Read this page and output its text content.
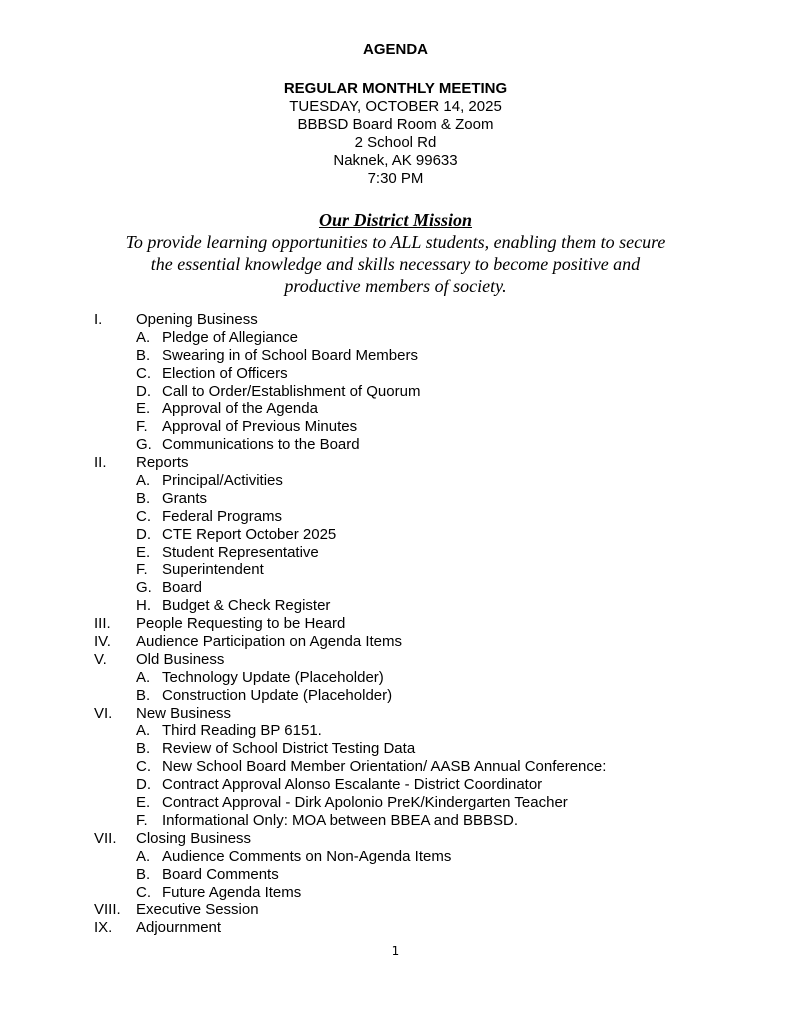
AGENDA
REGULAR MONTHLY MEETING
TUESDAY, OCTOBER 14, 2025
BBBSD Board Room & Zoom
2 School Rd
Naknek, AK 99633
7:30 PM
Our District Mission
To provide learning opportunities to ALL students, enabling them to secure
the essential knowledge and skills necessary to become positive and
productive members of society.
I. Opening Business
A. Pledge of Allegiance
B. Swearing in of School Board Members
C. Election of Officers
D. Call to Order/Establishment of Quorum
E. Approval of the Agenda
F. Approval of Previous Minutes
G. Communications to the Board
II. Reports
A. Principal/Activities
B. Grants
C. Federal Programs
D. CTE Report October 2025
E. Student Representative
F. Superintendent
G. Board
H. Budget & Check Register
III. People Requesting to be Heard
IV. Audience Participation on Agenda Items
V. Old Business
A. Technology Update (Placeholder)
B. Construction Update (Placeholder)
VI. New Business
A. Third Reading BP 6151.
B. Review of School District Testing Data
C. New School Board Member Orientation/ AASB Annual Conference:
D. Contract Approval Alonso Escalante - District Coordinator
E. Contract Approval - Dirk Apolonio PreK/Kindergarten Teacher
F. Informational Only: MOA between BBEA and BBBSD.
VII. Closing Business
A. Audience Comments on Non-Agenda Items
B. Board Comments
C. Future Agenda Items
VIII. Executive Session
IX. Adjournment
1
